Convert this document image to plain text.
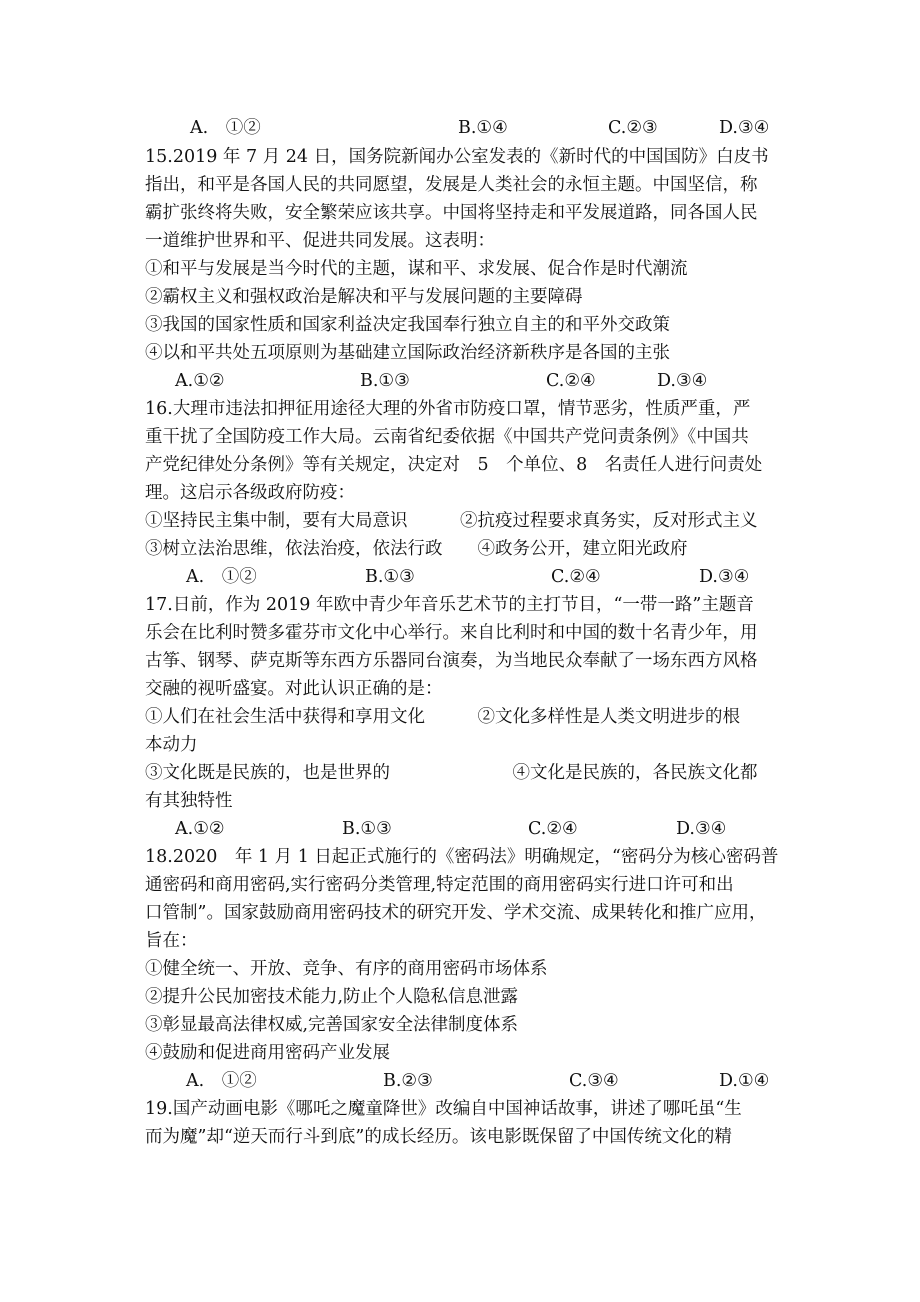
A.　①②	B.①④	C.②③	D.③④
15.2019 年 7 月 24 日，国务院新闻办公室发表的《新时代的中国国防》白皮书
指出，和平是各国人民的共同愿望，发展是人类社会的永恒主题。中国坚信，称
霸扩张终将失败，安全繁荣应该共享。中国将坚持走和平发展道路，同各国人民
一道维护世界和平、促进共同发展。这表明：
①和平与发展是当今时代的主题，谋和平、求发展、促合作是时代潮流
②霸权主义和强权政治是解决和平与发展问题的主要障碍
③我国的国家性质和国家利益决定我国奉行独立自主的和平外交政策
④以和平共处五项原则为基础建立国际政治经济新秩序是各国的主张
A.①②	B.①③	C.②④	D.③④
16.大理市违法扣押征用途径大理的外省市防疫口罩，情节恶劣，性质严重，严
重干扰了全国防疫工作大局。云南省纪委依据《中国共产党问责条例》《中国共
产党纪律处分条例》等有关规定，决定对　5　个单位、8　名责任人进行问责处
理。这启示各级政府防疫：
①坚持民主集中制，要有大局意识　　　②抗疫过程要求真务实，反对形式主义
③树立法治思维，依法治疫，依法行政　　④政务公开，建立阳光政府
A.　①②	B.①③	C.②④	D.③④
17.日前，作为 2019 年欧中青少年音乐艺术节的主打节目，“一带一路”主题音
乐会在比利时赞多霍芬市文化中心举行。来自比利时和中国的数十名青少年，用
古筝、钢琴、萨克斯等东西方乐器同台演奏，为当地民众奉献了一场东西方风格
交融的视听盛宴。对此认识正确的是：
①人们在社会生活中获得和享用文化　　　②文化多样性是人类文明进步的根
本动力
③文化既是民族的，也是世界的　　　　　　　④文化是民族的，各民族文化都
有其独特性
A.①②	B.①③	C.②④	D.③④
18.2020　年 1 月 1 日起正式施行的《密码法》明确规定，“密码分为核心密码普
通密码和商用密码,实行密码分类管理,特定范围的商用密码实行进口许可和出
口管制”。国家鼓励商用密码技术的研究开发、学术交流、成果转化和推广应用，
旨在：
①健全统一、开放、竞争、有序的商用密码市场体系
②提升公民加密技术能力,防止个人隐私信息泄露
③彰显最高法律权威,完善国家安全法律制度体系
④鼓励和促进商用密码产业发展
A.　①②	B.②③	C.③④	D.①④
19.国产动画电影《哪吒之魔童降世》改编自中国神话故事，讲述了哪吒虽“生
而为魔”却“逆天而行斗到底”的成长经历。该电影既保留了中国传统文化的精
